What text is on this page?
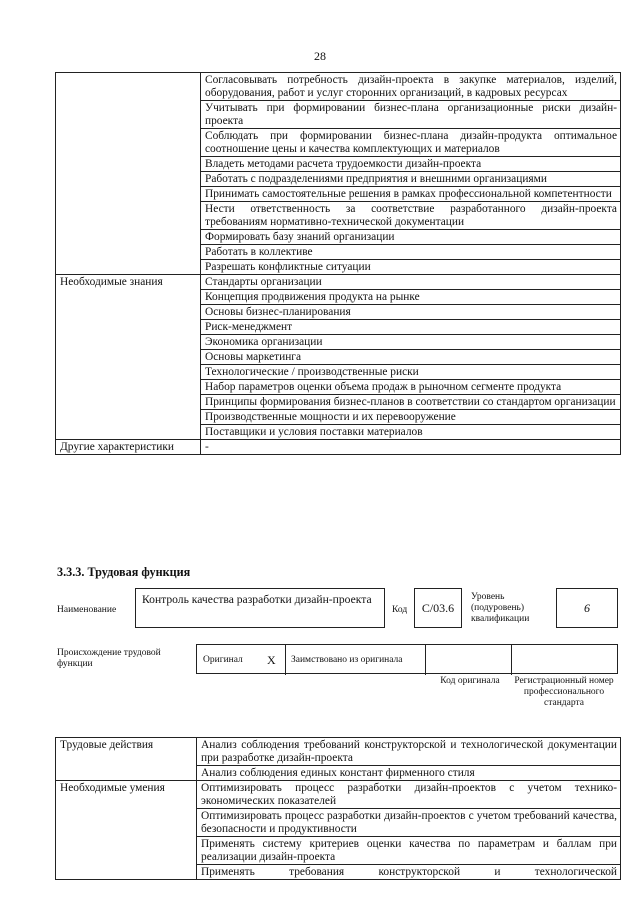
28
	Согласовывать потребность дизайн-проекта в закупке материалов, изделий, оборудования, работ и услуг сторонних организаций, в кадровых ресурсах
	Учитывать при формировании бизнес-плана организационные риски дизайн-проекта
	Соблюдать при формировании бизнес-плана дизайн-продукта оптимальное соотношение цены и качества комплектующих и материалов
	Владеть методами расчета трудоемкости дизайн-проекта
	Работать с подразделениями предприятия и внешними организациями
	Принимать самостоятельные решения в рамках профессиональной компетентности
	Нести ответственность за соответствие разработанного дизайн-проекта требованиям нормативно-технической документации
	Формировать базу знаний организации
	Работать в коллективе
	Разрешать конфликтные ситуации
Необходимые знания	Стандарты организации
	Концепция продвижения продукта на рынке
	Основы бизнес-планирования
	Риск-менеджмент
	Экономика организации
	Основы маркетинга
	Технологические / производственные риски
	Набор параметров оценки объема продаж в рыночном сегменте продукта
	Принципы формирования бизнес-планов в соответствии со стандартом организации
	Производственные мощности и их перевооружение
	Поставщики и условия поставки материалов
Другие характеристики	-
3.3.3. Трудовая функция
Наименование
Контроль качества разработки дизайн-проекта
Код	C/03.6
Уровень (подуровень) квалификации
6
Происхождение трудовой функции	Оригинал X Заимствовано из оригинала
Код оригинала	Регистрационный номер профессионального стандарта
Трудовые действия	Анализ соблюдения требований конструкторской и технологической документации при разработке дизайн-проекта
	Анализ соблюдения единых констант фирменного стиля
Необходимые умения	Оптимизировать процесс разработки дизайн-проектов с учетом технико-экономических показателей
	Оптимизировать процесс разработки дизайн-проектов с учетом требований качества, безопасности и продуктивности
	Применять систему критериев оценки качества по параметрам и баллам при реализации дизайн-проекта
	Применять требования конструкторской и технологической
